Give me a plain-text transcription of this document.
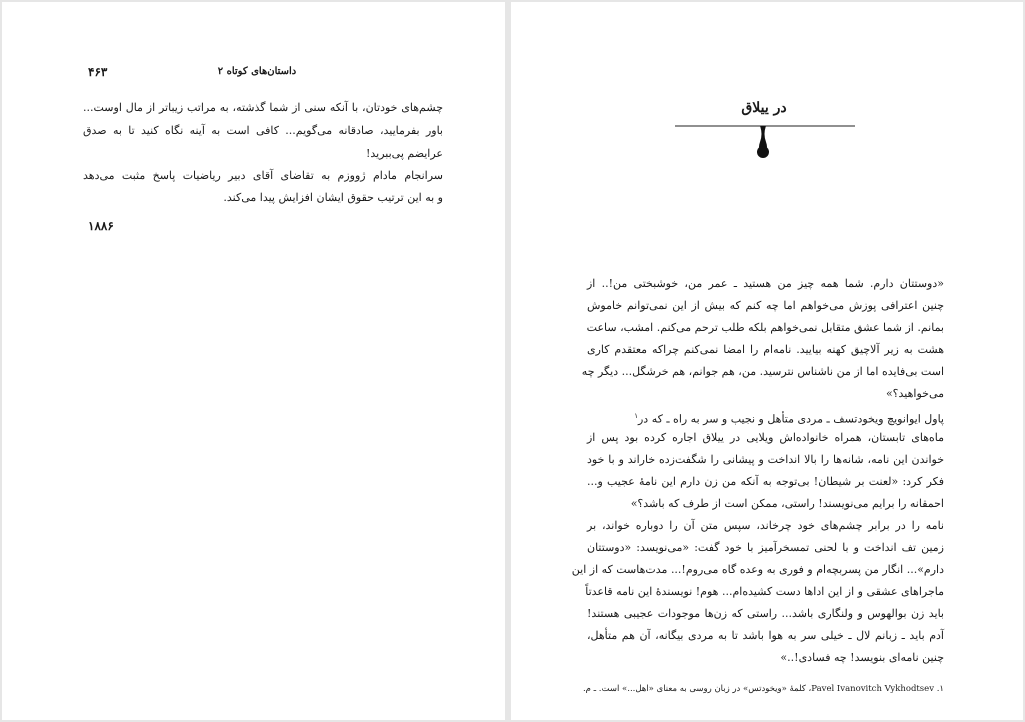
داستان‌های کوتاه ۲
۴۶۳
چشم‌های خودتان، با آنکه سنی از شما گذشته، به مراتب زیباتر از مال اوست...
باور بفرمایید، صادقانه می‌گویم... کافی است به آینه نگاه کنید تا به صدق
عرایضم پی‌ببرید!
سرانجام مادام ژووزم به تقاضای آقای دبیر ریاضیات پاسخ مثبت می‌دهد
و به این ترتیب حقوق ایشان افزایش پیدا می‌کند.
۱۸۸۶
در ییلاق
«دوستتان دارم. شما همه چیز من هستید ـ عمر من، خوشبختی من!.. از
چنین اعترافی پوزش می‌خواهم اما چه کنم که بیش از این نمی‌توانم خاموش
بمانم. از شما عشق متقابل نمی‌خواهم بلکه طلب ترحم می‌کنم. امشب، ساعت
هشت به زیر آلاچیق کهنه بیایید. نامه‌ام را امضا نمی‌کنم چراکه معتقدم کاری
است بی‌فایده اما از من ناشناس نترسید. من، هم جوانم، هم خرشگل... دیگر چه
می‌خواهید؟»
پاول ایوانویچ ویخودتسف ـ مردی متأهل و نجیب و سر به راه ـ که در$^۱$
ماه‌های تابستان، همراه خانواده‌اش ویلایی در ییلاق اجاره کرده بود پس از
خواندن این نامه، شانه‌ها را بالا انداخت و پیشانی را شگفت‌زده خاراند و با خود
فکر کرد: «لعنت بر شیطان! بی‌توجه به آنکه من زن دارم این نامهٔ عجیب و...
احمقانه را برایم می‌نویسند! راستی، ممکن است از طرف که باشد؟»
نامه را در برابر چشم‌های خود چرخاند، سپس متن آن را دوباره خواند، بر
زمین تف انداخت و با لحنی تمسخرآمیز با خود گفت: «می‌نویسد: «دوستتان
دارم»... انگار من پسربچه‌ام و فوری به وعده گاه می‌روم!... مدت‌هاست که از این
ماجراهای عشقی و از این اداها دست کشیده‌ام... هوم! نویسندهٔ این نامه قاعدتاً
باید زن بوالهوس و ولنگاری باشد... راستی که زن‌ها موجودات عجیبی هستند!
آدم باید ـ زبانم لال ـ خیلی سر به هوا باشد تا به مردی بیگانه، آن هم متأهل،
چنین نامه‌ای بنویسد! چه فسادی!..»
۱. Pavel Ivanovitch Vykhodtsev، کلمهٔ «ویخودتس» در زبان روسی به معنای «اهل...» است. ـ م.
